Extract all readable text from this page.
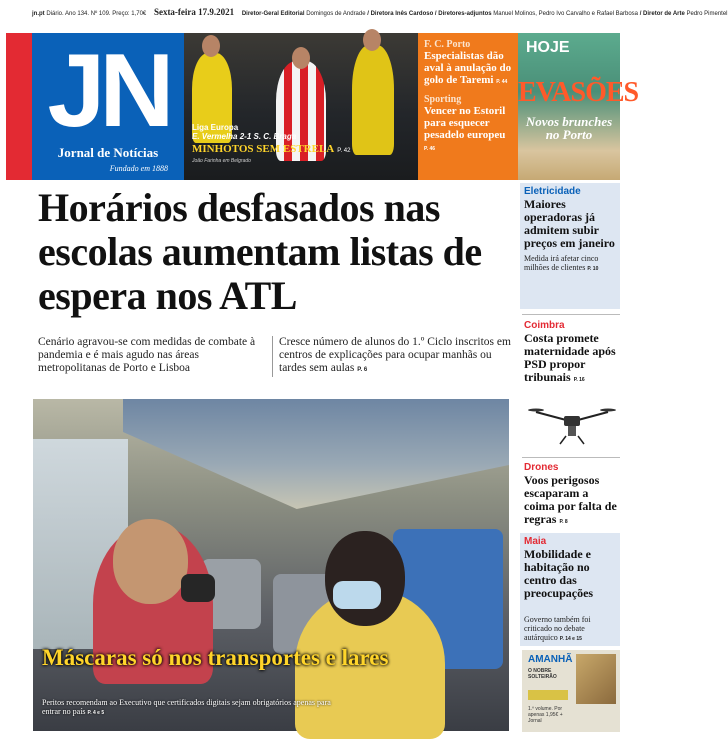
jn.pt Diário. Ano 134. Nº 109. Preço: 1,70€ Sexta-feira 17.9.2021 Diretor-Geral Editorial Domingos de Andrade / Diretora Inês Cardoso / Diretores-adjuntos Manuel Molinos, Pedro Ivo Carvalho e Rafael Barbosa / Diretor de Arte Pedro Pimentel
JN
Jornal de Notícias
Fundado em 1888
Liga Europa
E. Vermelha 2-1 S. C. Braga
MINHOTOS SEM ESTRELA P. 42
João Farinha em Belgrado
F. C. Porto
Especialistas dão aval à anulação do golo de Taremi P. 44
Sporting
Vencer no Estoril para esquecer pesadelo europeu P. 46
HOJE
EVASÕES
Novos brunches no Porto
Horários desfasados nas escolas aumentam listas de espera nos ATL

Cenário agravou-se com medidas de combate à pandemia e é mais agudo nas áreas metropolitanas de Porto e Lisboa

Cresce número de alunos do 1.º Ciclo inscritos em centros de explicações para ocupar manhãs ou tardes sem aulas P. 6

Máscaras só nos transportes e lares
Peritos recomendam ao Executivo que certificados digitais sejam obrigatórios apenas para entrar no país P. 4 e 5
Eletricidade
Maiores operadoras já admitem subir preços em janeiro
Medida irá afetar cinco milhões de clientes P. 10
Coimbra
Costa promete maternidade após PSD propor tribunais P. 16
Drones
Voos perigosos escaparam a coima por falta de regras P. 8
Maia
Mobilidade e habitação no centro das preocupações
Governo também foi criticado no debate autárquico P. 14 e 15
AMANHÃ
O NOBRE SOLTEIRÃO
1.º volume. Por apenas 1,95€ + Jornal
